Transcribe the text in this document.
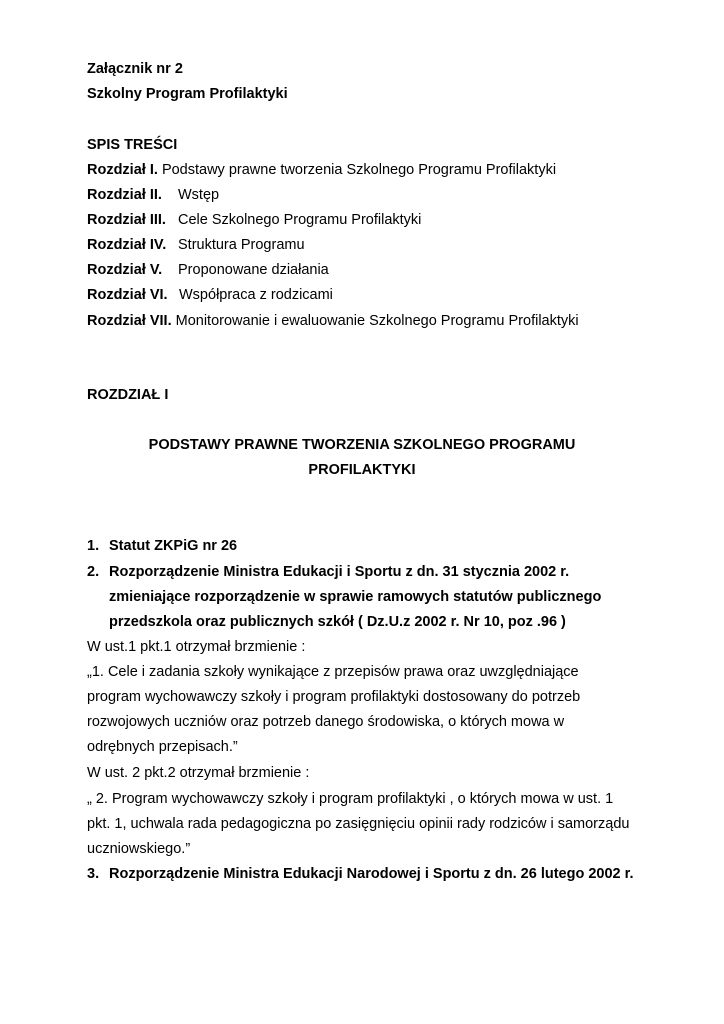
Załącznik nr 2
Szkolny Program Profilaktyki
SPIS TREŚCI
Rozdział I. Podstawy prawne tworzenia Szkolnego Programu Profilaktyki
Rozdział II. Wstęp
Rozdział III. Cele Szkolnego Programu Profilaktyki
Rozdział IV. Struktura Programu
Rozdział V. Proponowane działania
Rozdział VI. Współpraca z rodzicami
Rozdział VII. Monitorowanie i ewaluowanie Szkolnego Programu Profilaktyki
ROZDZIAŁ I
PODSTAWY PRAWNE TWORZENIA SZKOLNEGO PROGRAMU
PROFILAKTYKI
1. Statut ZKPiG nr 26
2. Rozporządzenie Ministra Edukacji i Sportu z dn. 31 stycznia 2002 r.
zmieniające rozporządzenie w sprawie ramowych statutów publicznego
przedszkola oraz publicznych szkół ( Dz.U.z 2002 r. Nr 10, poz .96 )
W ust.1 pkt.1 otrzymał brzmienie :
„1. Cele i zadania szkoły wynikające z przepisów prawa oraz uwzględniające
program wychowawczy szkoły i program profilaktyki dostosowany do potrzeb
rozwojowych uczniów oraz potrzeb danego środowiska, o których mowa w
odrębnych przepisach.”
W ust. 2 pkt.2 otrzymał brzmienie :
„ 2. Program wychowawczy szkoły i program profilaktyki , o których mowa w ust. 1
pkt. 1, uchwala rada pedagogiczna po zasięgnięciu opinii rady rodziców i samorządu
uczniowskiego.”
3. Rozporządzenie Ministra Edukacji Narodowej i Sportu z dn. 26 lutego 2002 r.
